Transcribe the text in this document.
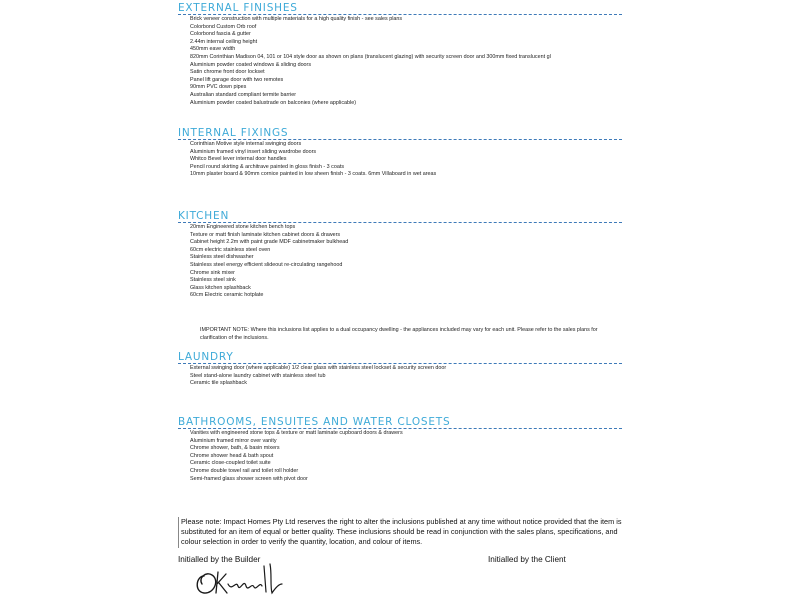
EXTERNAL FINISHES
- Brick veneer construction with multiple materials for a high quality finish - see sales plans
- Colorbond Custom Orb roof
- Colorbond fascia & gutter
- 2.44m internal ceiling height
- 450mm eave width
- 820mm Corinthian Madison 04, 101 or 104 style door as shown on plans (translucent glazing) with security screen door and 300mm fixed translucent gl
- Aluminium powder coated windows & sliding doors
- Satin chrome front door lockset
- Panel lift garage door with two remotes
- 90mm PVC down pipes
- Australian standard compliant termite barrier
- Aluminium powder coated balustrade on balconies (where applicable)
INTERNAL FIXINGS
- Corinthian Motive style internal swinging doors
- Aluminium framed vinyl insert sliding wardrobe doors
- Whitco Bevel lever internal door handles
- Pencil round skirting & architrave painted in gloss finish - 3 coats
- 10mm plaster board & 90mm cornice painted in low sheen finish - 3 coats. 6mm Villaboard in wet areas
KITCHEN
- 20mm Engineered stone kitchen bench tops
- Texture or matt finish laminate kitchen cabinet doors & drawers
- Cabinet height 2.2m with paint grade MDF cabinetmaker bulkhead
- 60cm electric stainless steel oven
- Stainless steel dishwasher
- Stainless steel energy efficient slideout re-circulating rangehood
- Chrome sink mixer
- Stainless steel sink
- Glass kitchen splashback
- 60cm Electric ceramic hotplate
IMPORTANT NOTE: Where this inclusions list applies to a dual occupancy dwelling - the appliances included may vary for each unit. Please refer to the sales plans for clarification of the inclusions.
LAUNDRY
- External swinging door (where applicable) 1/2 clear glass with stainless steel lockset & security screen door
- Steel stand-alone laundry cabinet with stainless steel tub
- Ceramic tile splashback
BATHROOMS, ENSUITES AND WATER CLOSETS
- Vanities with engineered stone tops & texture or matt laminate cupboard doors & drawers
- Aluminium framed mirror over vanity
- Chrome shower, bath, & basin mixers
- Chrome shower head & bath spout
- Ceramic close-coupled toilet suite
- Chrome double towel rail and toilet roll holder
- Semi-framed glass shower screen with pivot door
Please note: Impact Homes Pty Ltd reserves the right to alter the inclusions published at any time without notice provided that the item is substituted for an item of equal or better quality. These inclusions should be read in conjunction with the sales plans, specifications, and colour selection in order to verify the quantity, location, and colour of items.
Initialled by the Builder	Initialled by the Client
